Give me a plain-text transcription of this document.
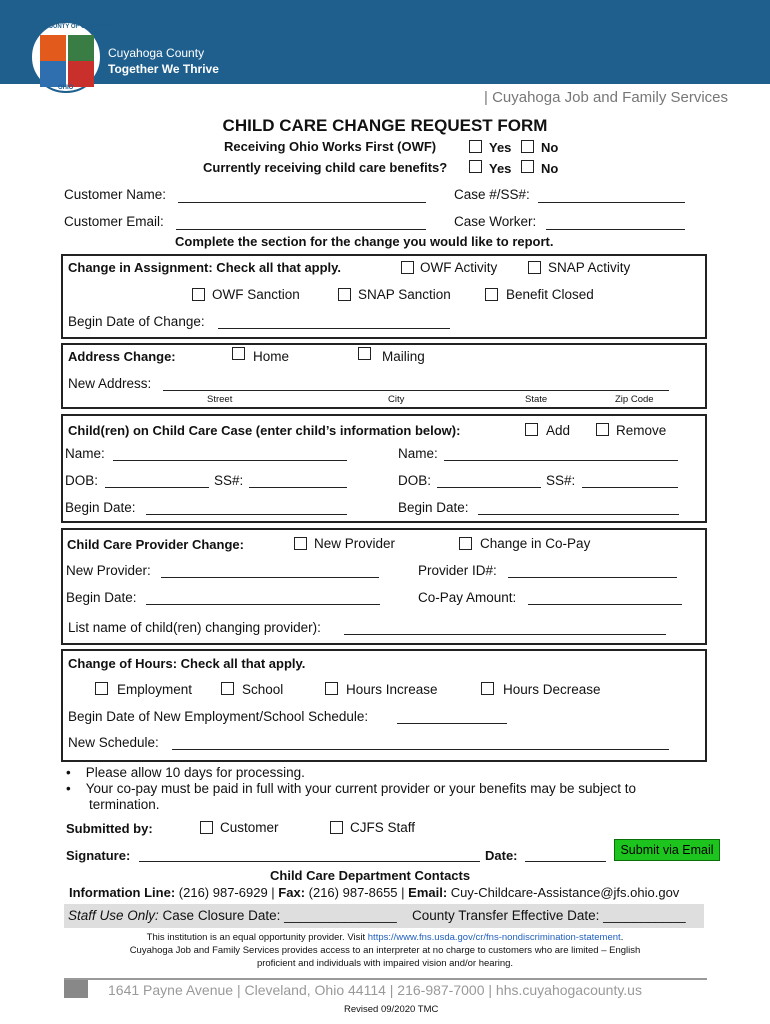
COUNTY OF CUYAHOGA
OHIO
Cuyahoga County
Together We Thrive
| Cuyahoga Job and Family Services
CHILD CARE CHANGE REQUEST FORM
Receiving Ohio Works First (OWF)	Yes No
Currently receiving child care benefits?	Yes No
Customer Name:	Case #/SS#:
Customer Email:	Case Worker:
Complete the section for the change you would like to report.
Change in Assignment: Check all that apply.	OWF Activity	SNAP Activity
OWF Sanction	SNAP Sanction	Benefit Closed
Begin Date of Change:
Address Change:	Home	Mailing
New Address:
Street	City	State	Zip Code
Child(ren) on Child Care Case (enter child’s information below):	Add	Remove
Name:	Name:
DOB:	SS#:	DOB:	SS#:
Begin Date:	Begin Date:
Child Care Provider Change:	New Provider	Change in Co-Pay
New Provider:	Provider ID#:
Begin Date:	Co-Pay Amount:
List name of child(ren) changing provider):
Change of Hours: Check all that apply.
Employment	School	Hours Increase	Hours Decrease
Begin Date of New Employment/School Schedule:
New Schedule:
•    Please allow 10 days for processing.
•    Your co-pay must be paid in full with your current provider or your benefits may be subject to
termination.
Submitted by:	Customer	CJFS Staff
Signature:	Date:	Submit via Email
Child Care Department Contacts
Information Line: (216) 987-6929 | Fax: (216) 987-8655 | Email: Cuy-Childcare-Assistance@jfs.ohio.gov
Staff Use Only: Case Closure Date: _______________ County Transfer Effective Date: ___________
This institution is an equal opportunity provider. Visit https://www.fns.usda.gov/cr/fns-nondiscrimination-statement.
Cuyahoga Job and Family Services provides access to an interpreter at no charge to customers who are limited – English
proficient and individuals with impaired vision and/or hearing.
1641 Payne Avenue | Cleveland, Ohio 44114 | 216-987-7000 | hhs.cuyahogacounty.us
Revised 09/2020 TMC
